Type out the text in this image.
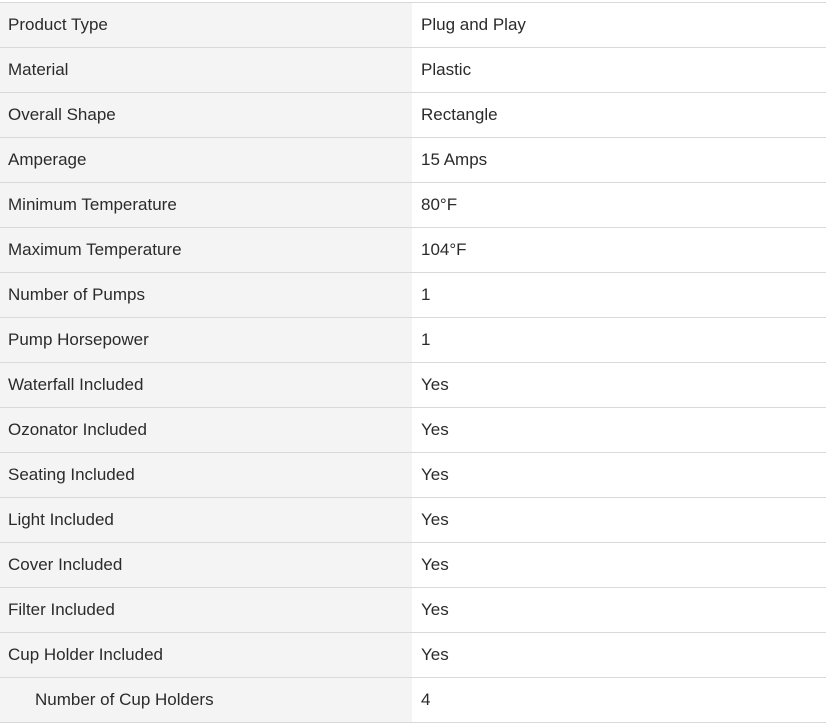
Product Type	Plug and Play
Material	Plastic
Overall Shape	Rectangle
Amperage	15 Amps
Minimum Temperature	80°F
Maximum Temperature	104°F
Number of Pumps	1
Pump Horsepower	1
Waterfall Included	Yes
Ozonator Included	Yes
Seating Included	Yes
Light Included	Yes
Cover Included	Yes
Filter Included	Yes
Cup Holder Included	Yes
Number of Cup Holders	4
